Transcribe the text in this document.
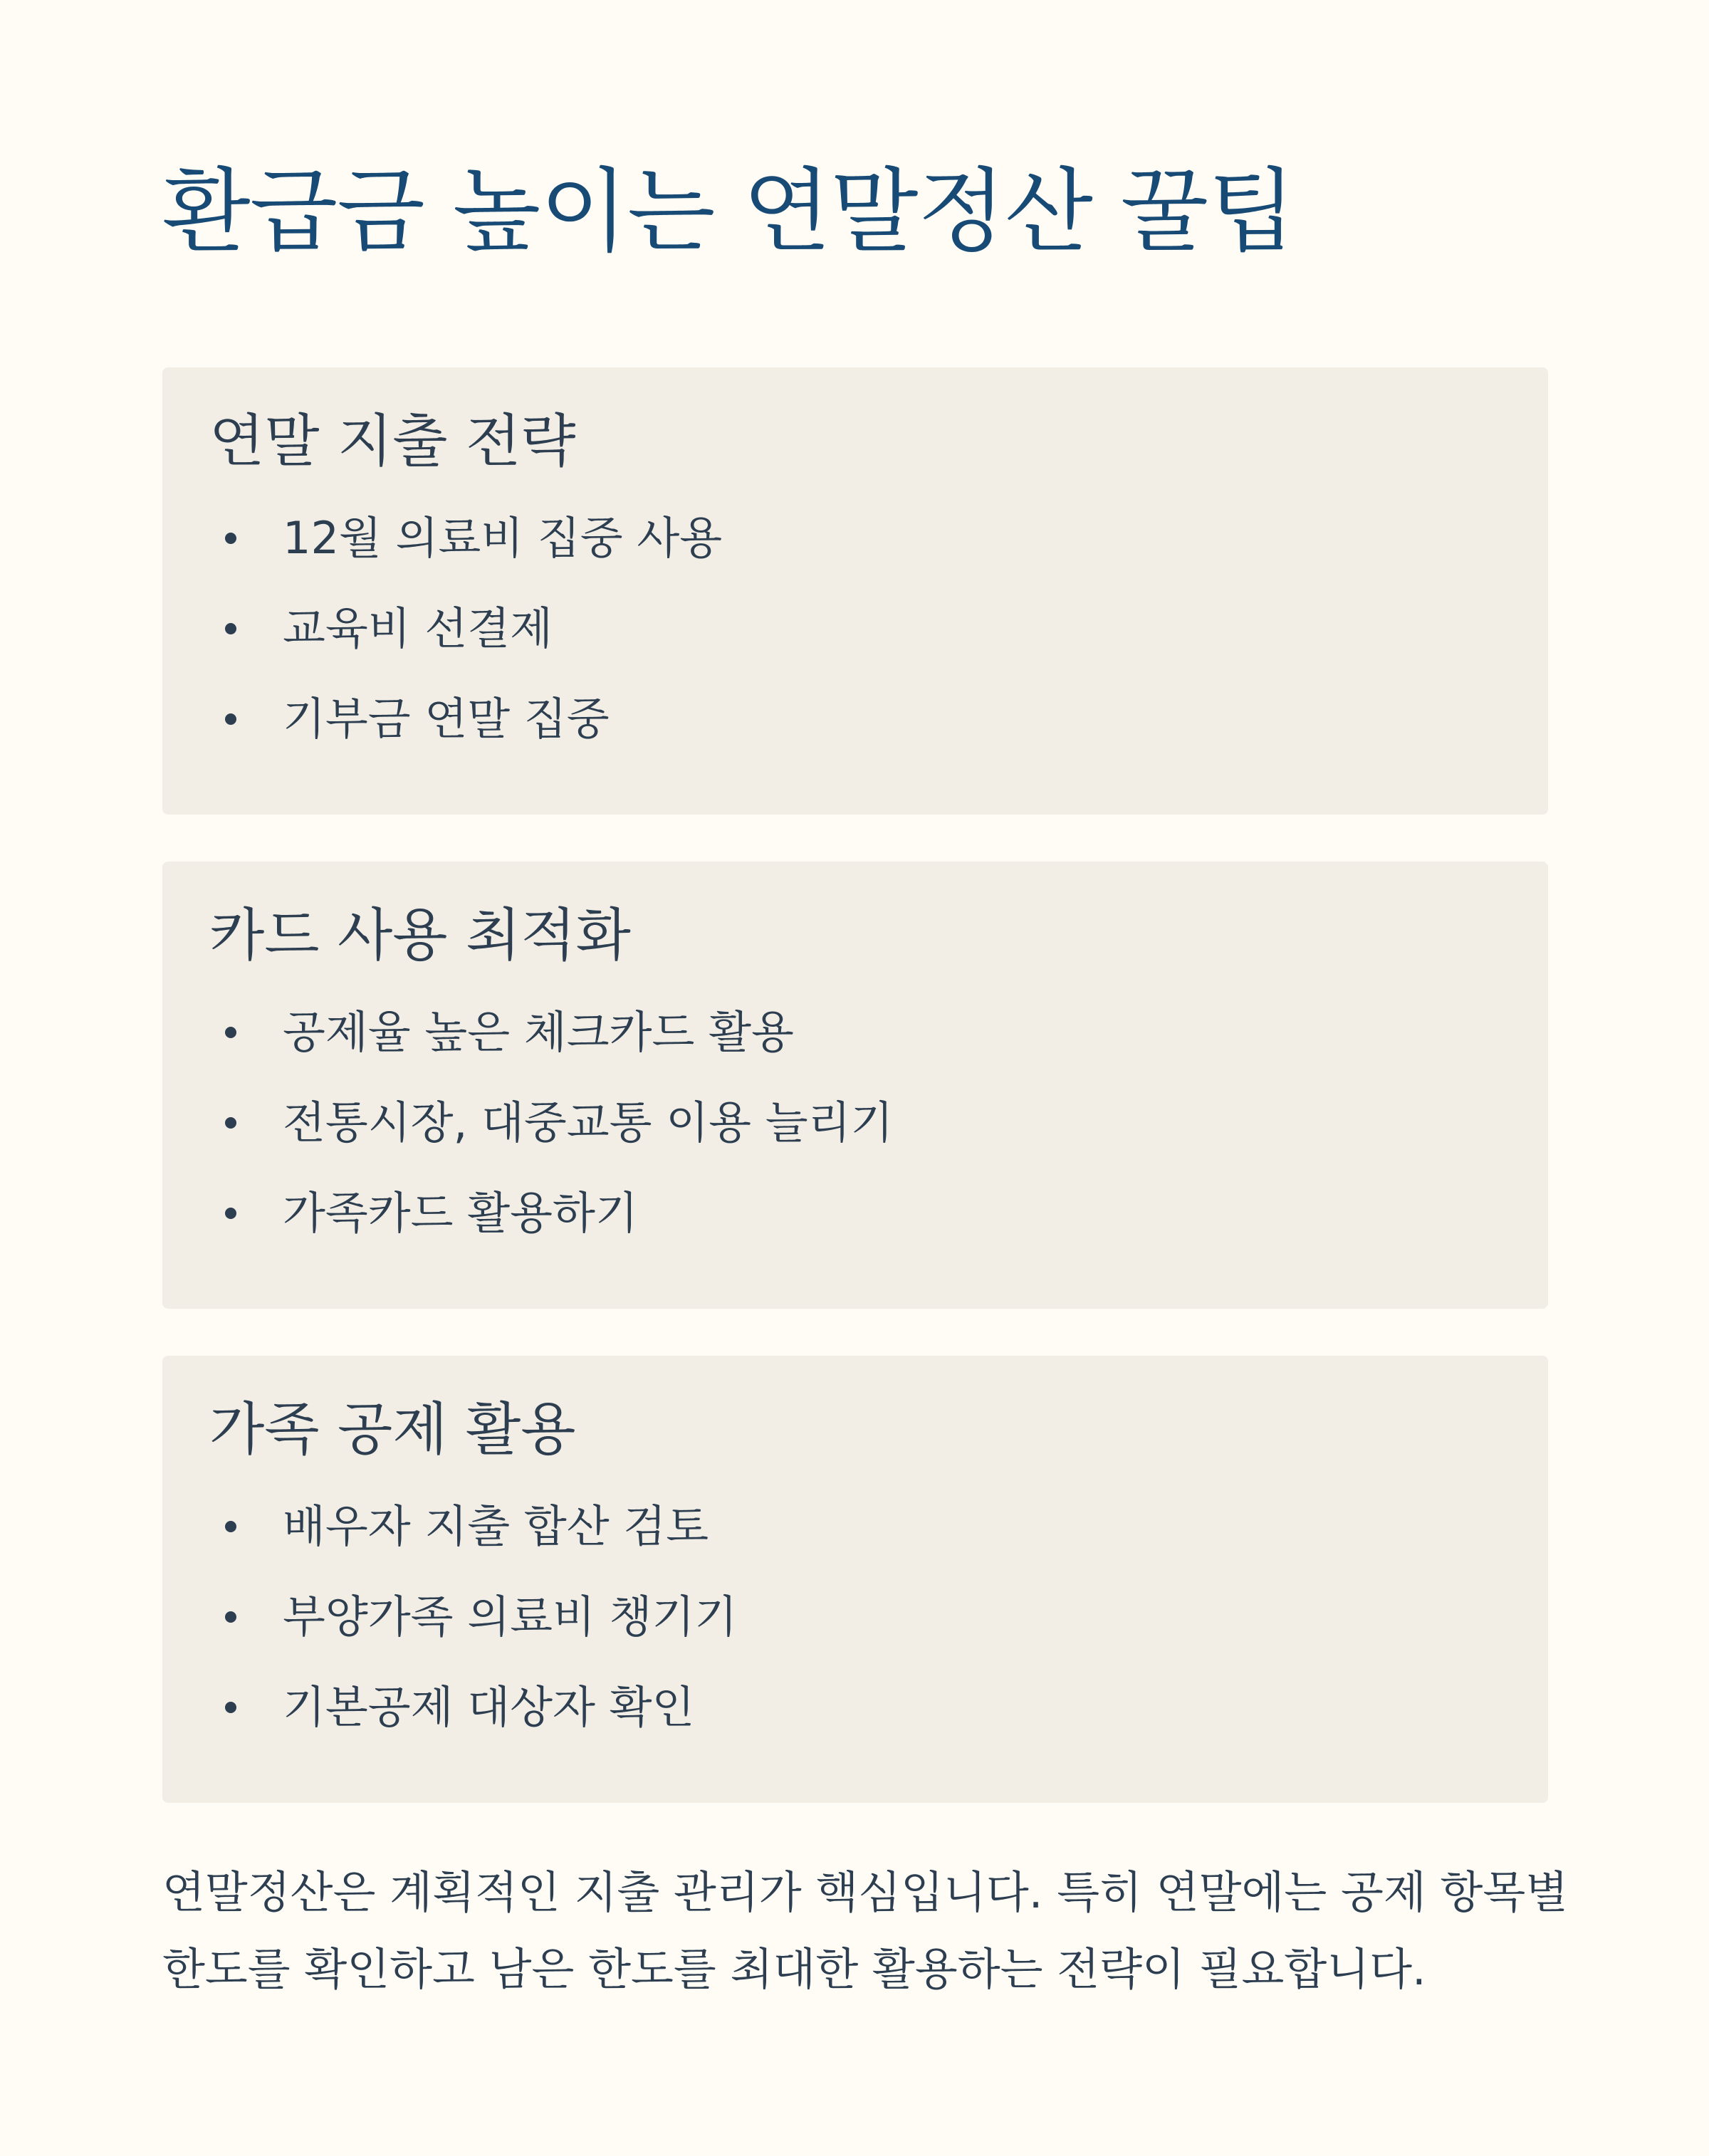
환급금 높이는 연말정산 꿀팁
연말 지출 전략
12월 의료비 집중 사용
교육비 선결제
기부금 연말 집중
카드 사용 최적화
공제율 높은 체크카드 활용
전통시장, 대중교통 이용 늘리기
가족카드 활용하기
가족 공제 활용
배우자 지출 합산 검토
부양가족 의료비 챙기기
기본공제 대상자 확인

연말정산은 계획적인 지출 관리가 핵심입니다. 특히 연말에는 공제 항목별
한도를 확인하고 남은 한도를 최대한 활용하는 전략이 필요합니다.
